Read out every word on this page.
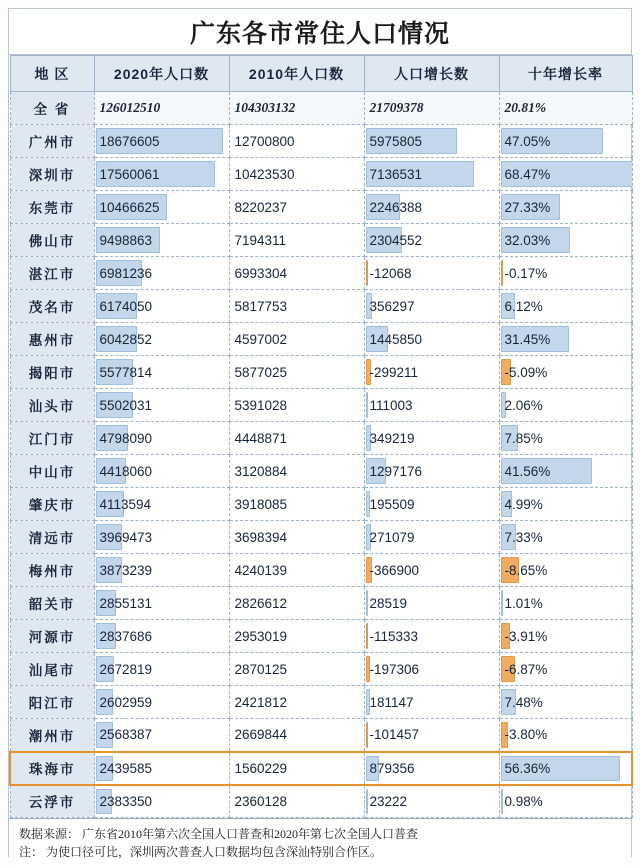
广东各市常住人口情况
地 区	2020年人口数	2010年人口数	人口增长数	十年增长率
全 省	126012510	104303132	21709378	20.81%
广州市	18676605	12700800	5975805	47.05%
深圳市	17560061	10423530	7136531	68.47%
东莞市	10466625	8220237	2246388	27.33%
佛山市	9498863	7194311	2304552	32.03%
湛江市	6981236	6993304	-12068	-0.17%
茂名市	6174050	5817753	356297	6.12%
惠州市	6042852	4597002	1445850	31.45%
揭阳市	5577814	5877025	-299211	-5.09%
汕头市	5502031	5391028	111003	2.06%
江门市	4798090	4448871	349219	7.85%
中山市	4418060	3120884	1297176	41.56%
肇庆市	4113594	3918085	195509	4.99%
清远市	3969473	3698394	271079	7.33%
梅州市	3873239	4240139	-366900	-8.65%
韶关市	2855131	2826612	28519	1.01%
河源市	2837686	2953019	-115333	-3.91%
汕尾市	2672819	2870125	-197306	-6.87%
阳江市	2602959	2421812	181147	7.48%
潮州市	2568387	2669844	-101457	-3.80%
珠海市	2439585	1560229	879356	56.36%
云浮市	2383350	2360128	23222	0.98%
数据来源： 广东省2010年第六次全国人口普查和2020年第七次全国人口普查
注： 为使口径可比，深圳两次普查人口数据均包含深汕特别合作区。
